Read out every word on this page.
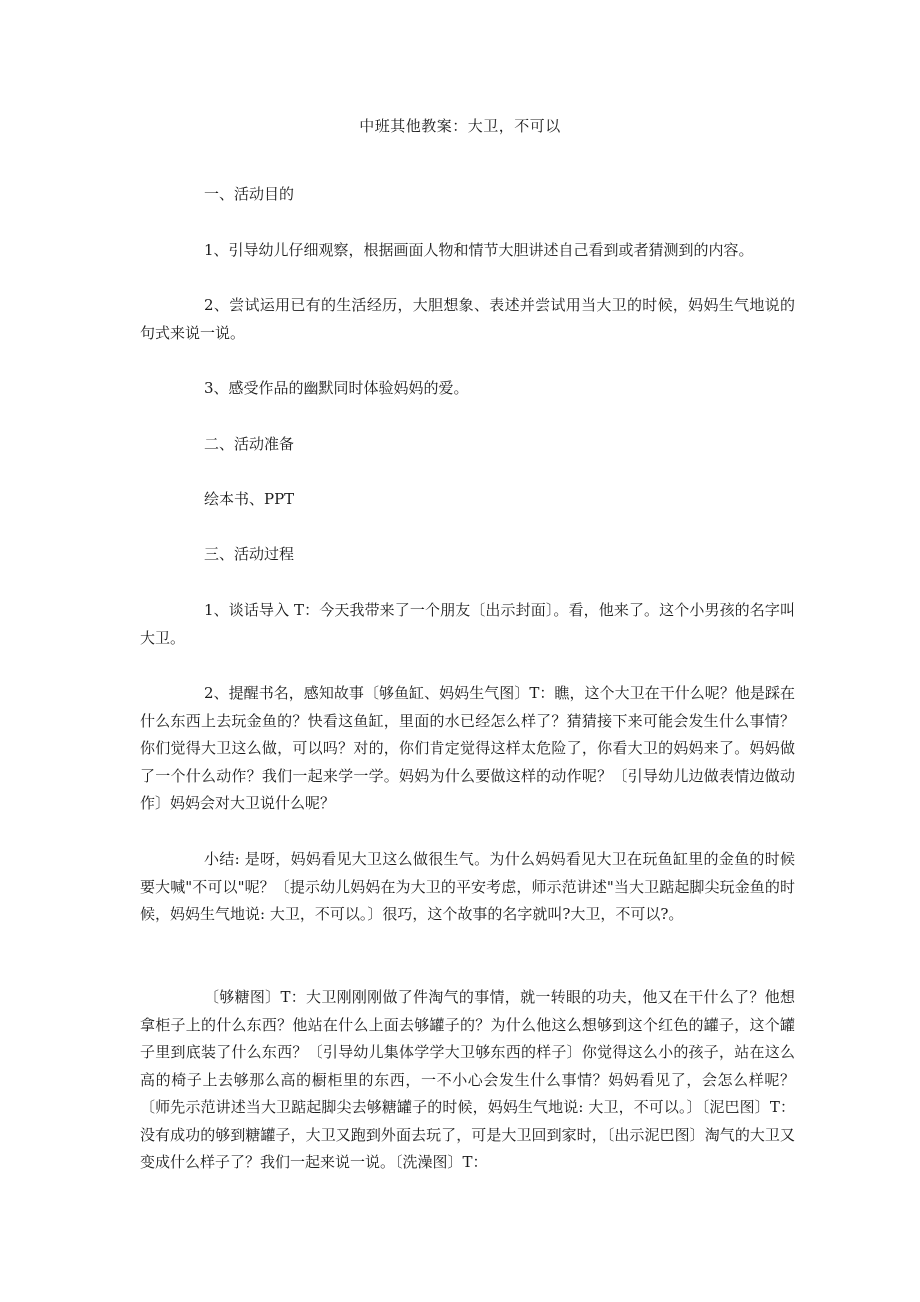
中班其他教案：大卫，不可以

一、活动目的

1、引导幼儿仔细观察，根据画面人物和情节大胆讲述自己看到或者猜测到的内容。

2、尝试运用已有的生活经历，大胆想象、表述并尝试用当大卫的时候，妈妈生气地说的句式来说一说。

3、感受作品的幽默同时体验妈妈的爱。

二、活动准备

绘本书、PPT

三、活动过程

1、谈话导入 T：今天我带来了一个朋友〔出示封面〕。看，他来了。这个小男孩的名字叫大卫。

2、提醒书名，感知故事〔够鱼缸、妈妈生气图〕T：瞧，这个大卫在干什么呢？他是踩在什么东西上去玩金鱼的？快看这鱼缸，里面的水已经怎么样了？猜猜接下来可能会发生什么事情？你们觉得大卫这么做，可以吗？对的，你们肯定觉得这样太危险了，你看大卫的妈妈来了。妈妈做了一个什么动作？我们一起来学一学。妈妈为什么要做这样的动作呢？〔引导幼儿边做表情边做动作〕妈妈会对大卫说什么呢？

小结: 是呀，妈妈看见大卫这么做很生气。为什么妈妈看见大卫在玩鱼缸里的金鱼的时候要大喊"不可以"呢？〔提示幼儿妈妈在为大卫的平安考虑，师示范讲述"当大卫踮起脚尖玩金鱼的时候，妈妈生气地说: 大卫，不可以。〕很巧，这个故事的名字就叫?大卫，不可以?。

〔够糖图〕T：大卫刚刚刚做了件淘气的事情，就一转眼的功夫，他又在干什么了？他想拿柜子上的什么东西？他站在什么上面去够罐子的？为什么他这么想够到这个红色的罐子，这个罐子里到底装了什么东西？〔引导幼儿集体学学大卫够东西的样子〕你觉得这么小的孩子，站在这么高的椅子上去够那么高的橱柜里的东西，一不小心会发生什么事情？妈妈看见了，会怎么样呢？〔师先示范讲述当大卫踮起脚尖去够糖罐子的时候，妈妈生气地说: 大卫，不可以。〕〔泥巴图〕T：没有成功的够到糖罐子，大卫又跑到外面去玩了，可是大卫回到家时，〔出示泥巴图〕淘气的大卫又变成什么样子了？我们一起来说一说。〔洗澡图〕T：
